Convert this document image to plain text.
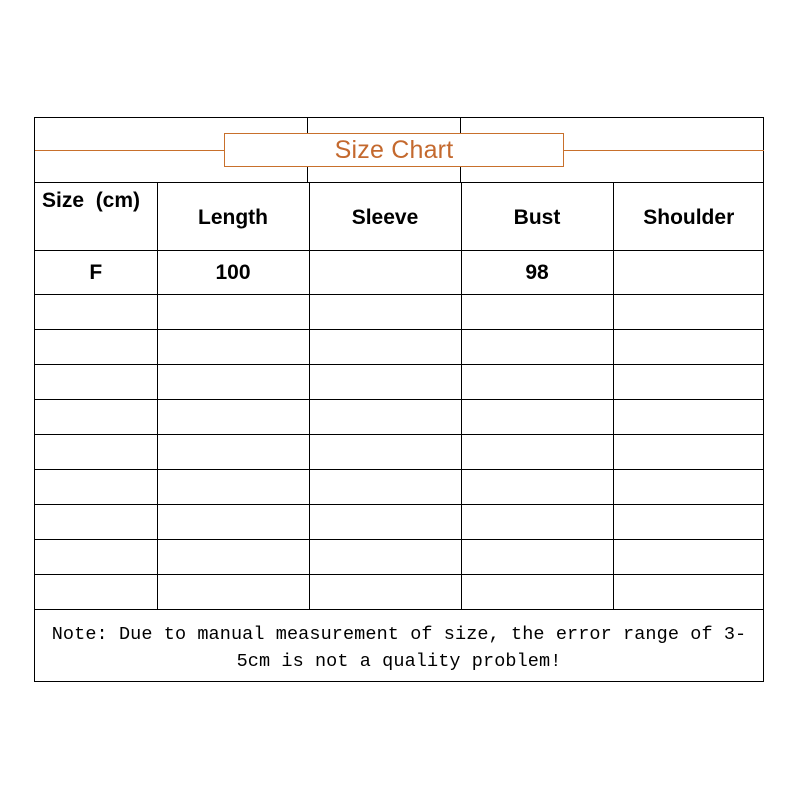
Size Chart
Size  (cm)	Length	Sleeve	Bust	Shoulder
F	100		98	

Note: Due to manual measurement of size, the error range of 3-5cm is not a quality problem!
